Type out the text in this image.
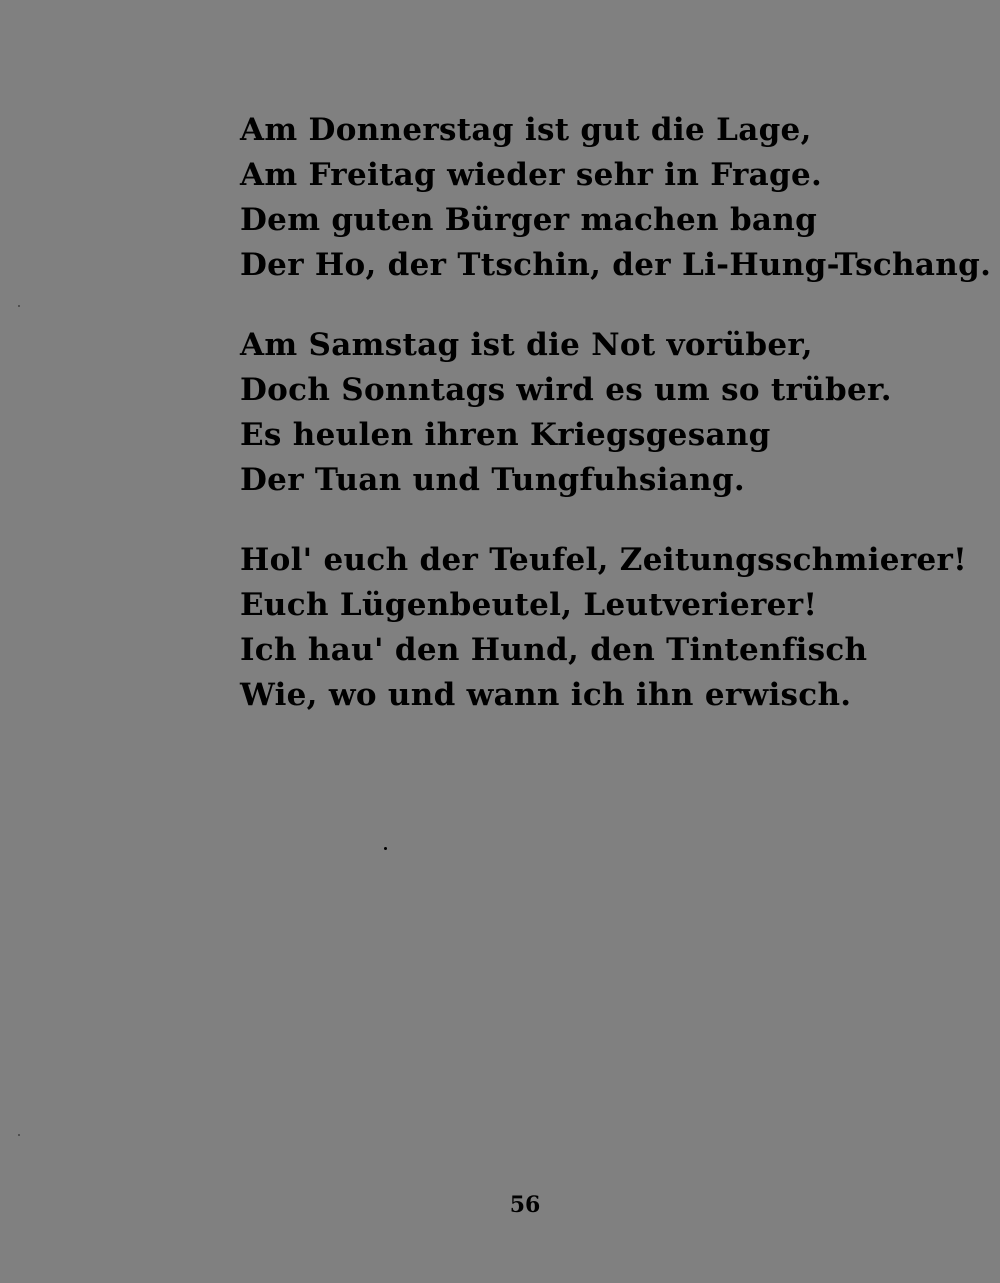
Am Donnerstag ist gut die Lage,
Am Freitag wieder sehr in Frage.
Dem guten Bürger machen bang
Der Ho, der Ttschin, der Li-Hung-Tschang.

Am Samstag ist die Not vorüber,
Doch Sonntags wird es um so trüber.
Es heulen ihren Kriegsgesang
Der Tuan und Tungfuhsiang.

Hol' euch der Teufel, Zeitungsschmierer!
Euch Lügenbeutel, Leutverierer!
Ich hau' den Hund, den Tintenfisch
Wie, wo und wann ich ihn erwisch.

56
